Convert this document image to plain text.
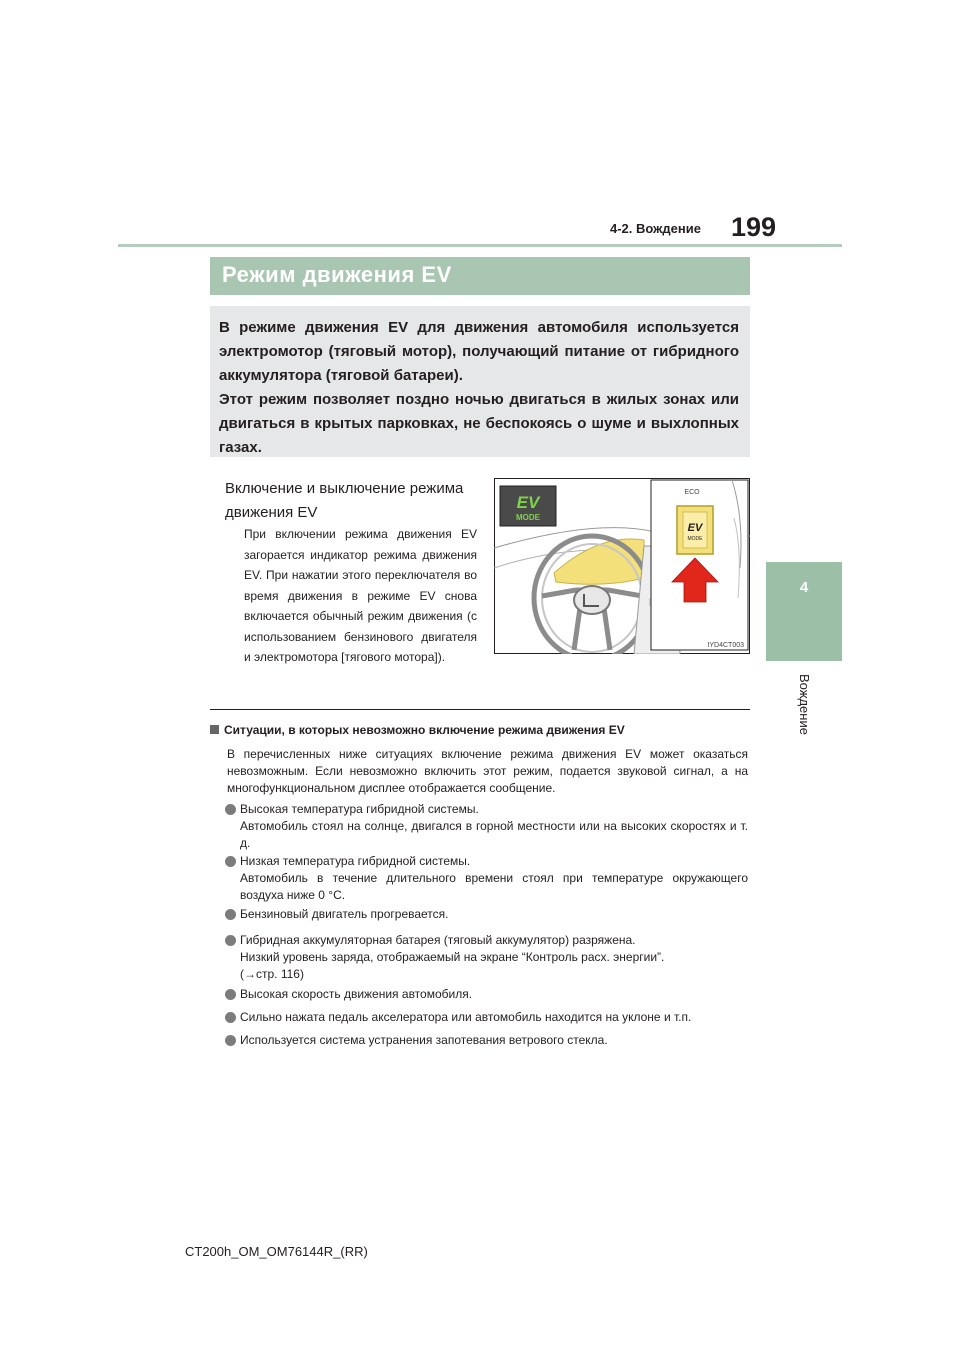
4-2. Вождение 199
4
Вождение
Режим движения EV
В режиме движения EV для движения автомобиля используется электромотор (тяговый мотор), получающий питание от гибридного аккумулятора (тяговой батареи).
Этот режим позволяет поздно ночью двигаться в жилых зонах или двигаться в крытых парковках, не беспокоясь о шуме и выхлопных газах.
Включение и выключение режима движения EV
При включении режима движения EV загорается индикатор режима движения EV. При нажатии этого переключателя во время движения в режиме EV снова включается обычный режим движения (с использованием бензинового двигателя и электромотора [тягового мотора]).
EV
MODE
ECO
EV
MODE
IYD4CT003
Ситуации, в которых невозможно включение режима движения EV
В перечисленных ниже ситуациях включение режима движения EV может оказаться невозможным. Если невозможно включить этот режим, подается звуковой сигнал, а на многофункциональном дисплее отображается сообщение.
Высокая температура гибридной системы.
Автомобиль стоял на солнце, двигался в горной местности или на высоких скоростях и т. д.
Низкая температура гибридной системы.
Автомобиль в течение длительного времени стоял при температуре окружающего воздуха ниже 0 °C.
Бензиновый двигатель прогревается.
Гибридная аккумуляторная батарея (тяговый аккумулятор) разряжена.
Низкий уровень заряда, отображаемый на экране “Контроль расх. энергии”.
(→стр. 116)
Высокая скорость движения автомобиля.
Сильно нажата педаль акселератора или автомобиль находится на уклоне и т.п.
Используется система устранения запотевания ветрового стекла.
CT200h_OM_OM76144R_(RR)
